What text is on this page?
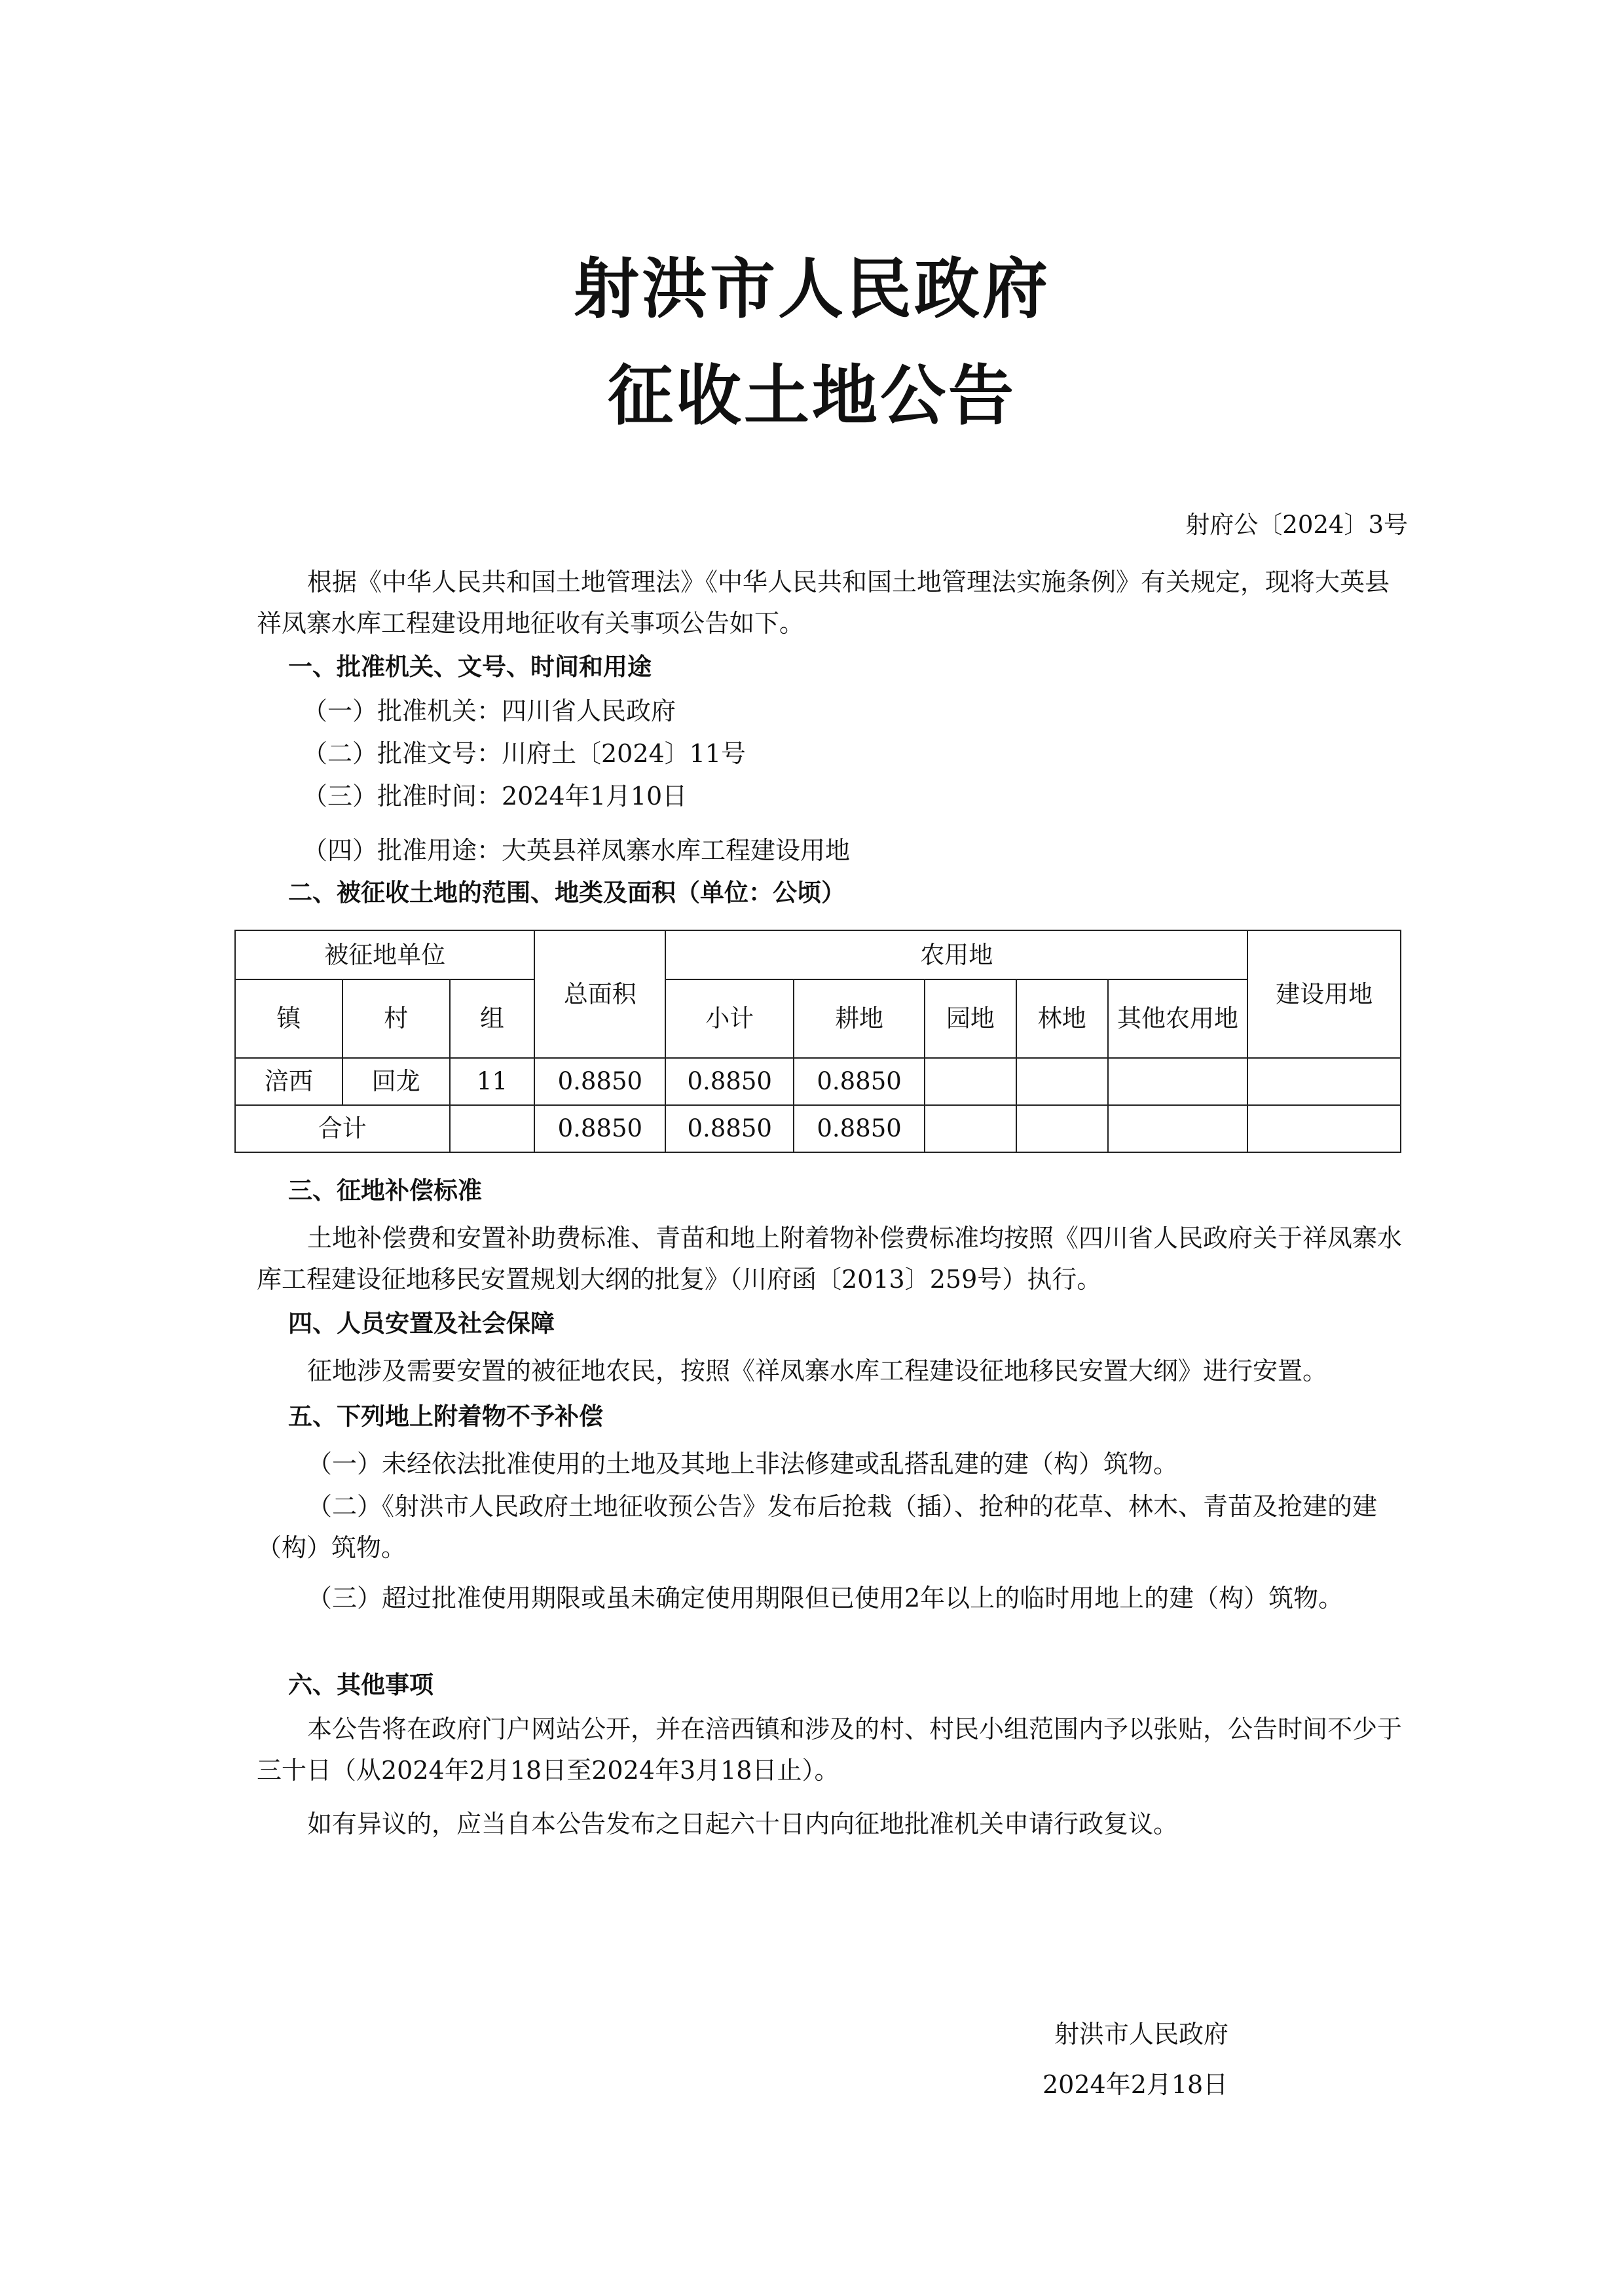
射洪市人民政府
征收土地公告
射府公〔2024〕3号
根据《中华人民共和国土地管理法》《中华人民共和国土地管理法实施条例》有关规定，现将大英县祥凤寨水库工程建设用地征收有关事项公告如下。
一、批准机关、文号、时间和用途
（一）批准机关：四川省人民政府
（二）批准文号：川府土〔2024〕11号
（三）批准时间：2024年1月10日
（四）批准用途：大英县祥凤寨水库工程建设用地
二、被征收土地的范围、地类及面积（单位：公顷）
被征地单位			总面积	农用地					建设用地
镇	村	组		小计	耕地	园地	林地	其他农用地	

涪西	回龙	11	0.8850	0.8850	0.8850				
合计			0.8850	0.8850	0.8850				
三、征地补偿标准
土地补偿费和安置补助费标准、青苗和地上附着物补偿费标准均按照《四川省人民政府关于祥凤寨水库工程建设征地移民安置规划大纲的批复》（川府函〔2013〕259号）执行。
四、人员安置及社会保障
征地涉及需要安置的被征地农民，按照《祥凤寨水库工程建设征地移民安置大纲》进行安置。
五、下列地上附着物不予补偿
（一）未经依法批准使用的土地及其地上非法修建或乱搭乱建的建（构）筑物。
（二）《射洪市人民政府土地征收预公告》发布后抢栽（插）、抢种的花草、林木、青苗及抢建的建（构）筑物。
（三）超过批准使用期限或虽未确定使用期限但已使用2年以上的临时用地上的建（构）筑物。
六、其他事项
本公告将在政府门户网站公开，并在涪西镇和涉及的村、村民小组范围内予以张贴，公告时间不少于三十日（从2024年2月18日至2024年3月18日止）。
如有异议的，应当自本公告发布之日起六十日内向征地批准机关申请行政复议。
射洪市人民政府
2024年2月18日
